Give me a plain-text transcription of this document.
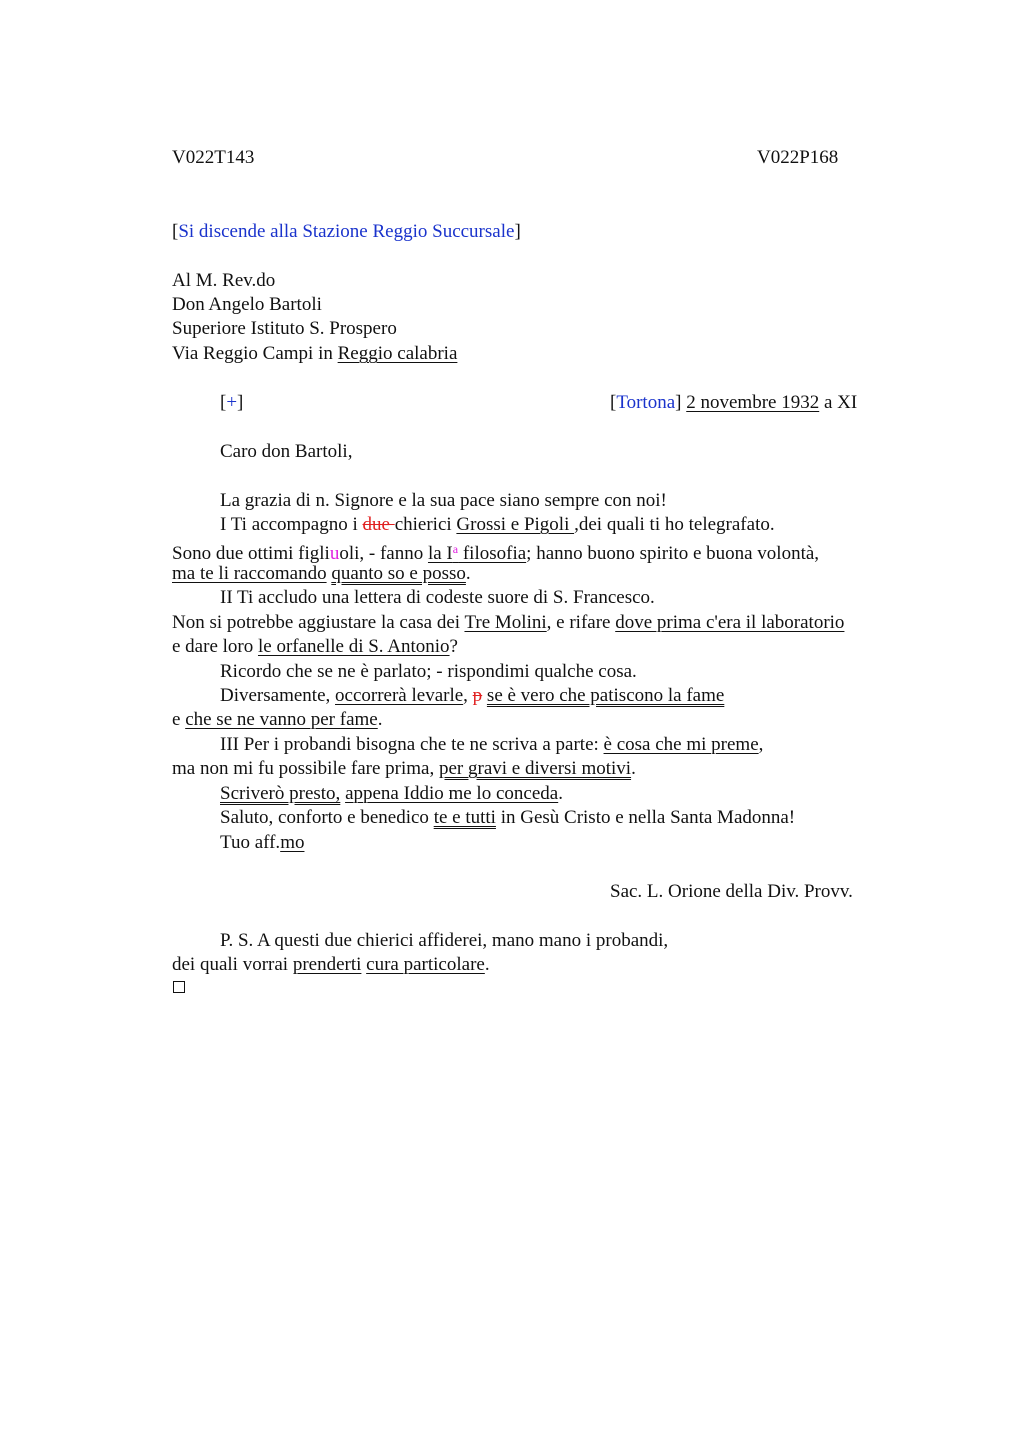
V022T143	V022P168
[Si discende alla Stazione Reggio Succursale]
Al M. Rev.do
Don Angelo Bartoli
Superiore Istituto S. Prospero
Via Reggio Campi in Reggio calabria
[+]	[Tortona] 2 novembre 1932 a XI
Caro don Bartoli,
La grazia di n. Signore e la sua pace siano sempre con noi!
I Ti accompagno i due chierici Grossi e Pigoli ,dei quali ti ho telegrafato.
Sono due ottimi figliuoli, - fanno la $I^a$ filosofia; hanno buono spirito e buona volontà,
ma te li raccomando quanto so e posso.
II Ti accludo una lettera di codeste suore di S. Francesco.
Non si potrebbe aggiustare la casa dei Tre Molini, e rifare dove prima c'era il laboratorio
e dare loro le orfanelle di S. Antonio?
Ricordo che se ne è parlato; - rispondimi qualche cosa.
Diversamente, occorrerà levarle, p se è vero che patiscono la fame
e che se ne vanno per fame.
III Per i probandi bisogna che te ne scriva a parte: è cosa che mi preme,
ma non mi fu possibile fare prima, per gravi e diversi motivi.
Scriverò presto, appena Iddio me lo conceda.
Saluto, conforto e benedico te e tutti in Gesù Cristo e nella Santa Madonna!
Tuo aff.mo
Sac. L. Orione della Div. Provv.
P. S. A questi due chierici affiderei, mano mano i probandi,
dei quali vorrai prenderti cura particolare.
